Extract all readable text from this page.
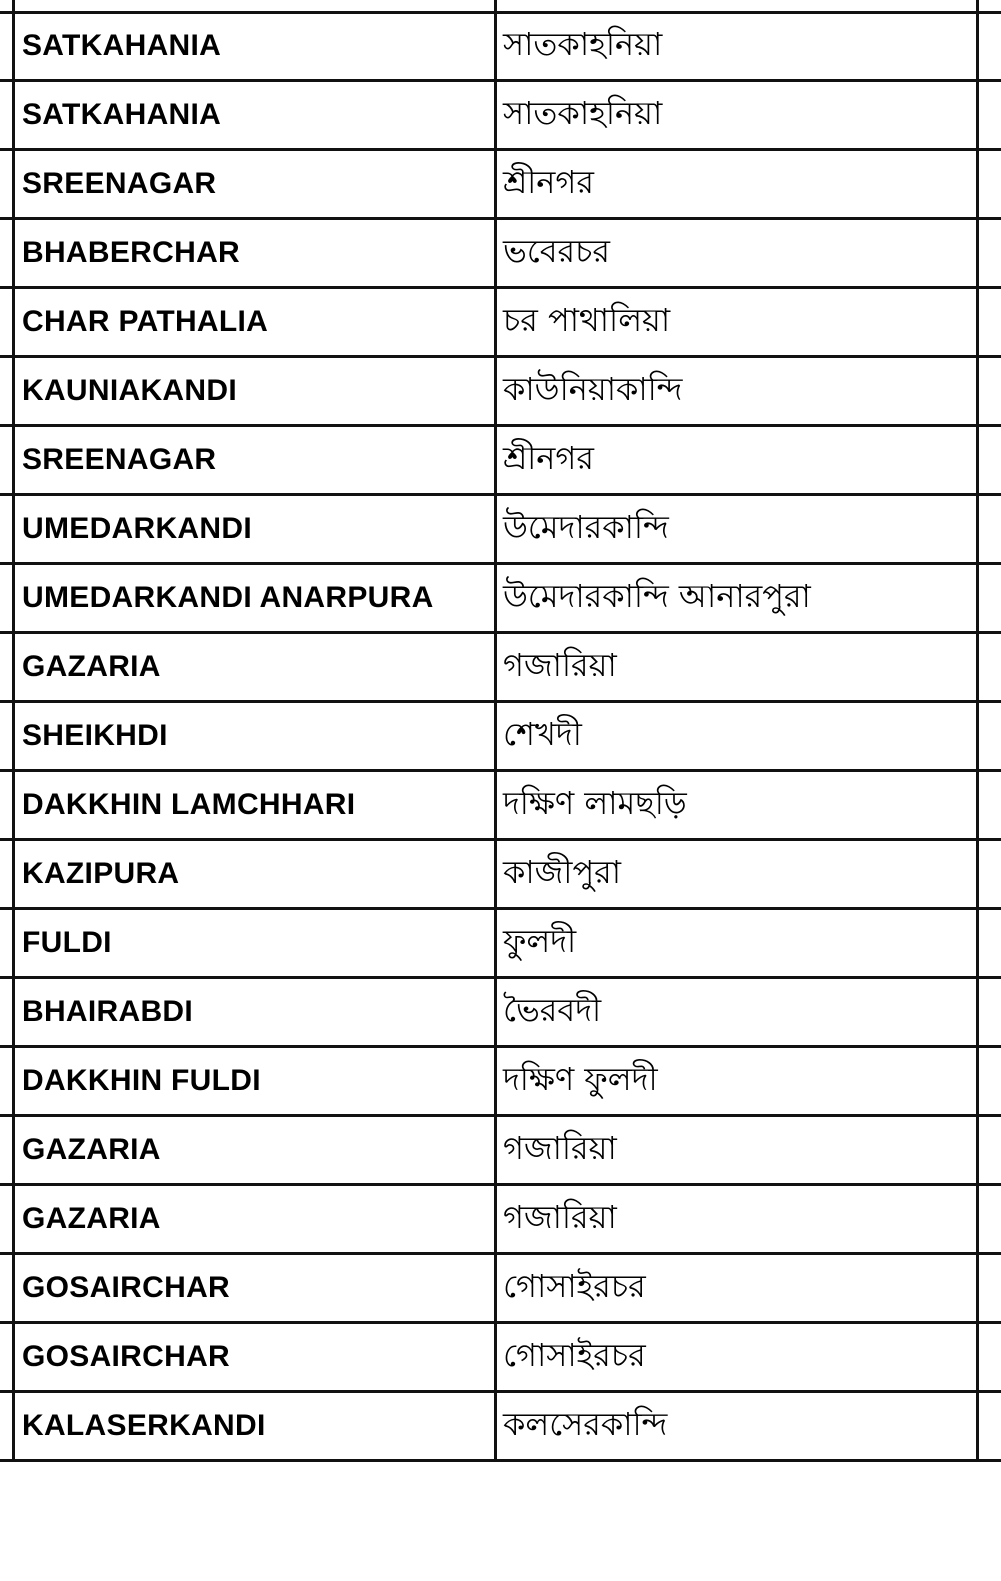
SATKAHANIA	সাতকাহনিয়া
SATKAHANIA	সাতকাহনিয়া
SREENAGAR	শ্রীনগর
BHABERCHAR	ভবেরচর
CHAR PATHALIA	চর পাথালিয়া
KAUNIAKANDI	কাউনিয়াকান্দি
SREENAGAR	শ্রীনগর
UMEDARKANDI	উমেদারকান্দি
UMEDARKANDI ANARPURA	উমেদারকান্দি আনারপুরা
GAZARIA	গজারিয়া
SHEIKHDI	শেখদী
DAKKHIN LAMCHHARI	দক্ষিণ লামছড়ি
KAZIPURA	কাজীপুরা
FULDI	ফুলদী
BHAIRABDI	ভৈরবদী
DAKKHIN FULDI	দক্ষিণ ফুলদী
GAZARIA	গজারিয়া
GAZARIA	গজারিয়া
GOSAIRCHAR	গোসাইরচর
GOSAIRCHAR	গোসাইরচর
KALASERKANDI	কলসেরকান্দি
